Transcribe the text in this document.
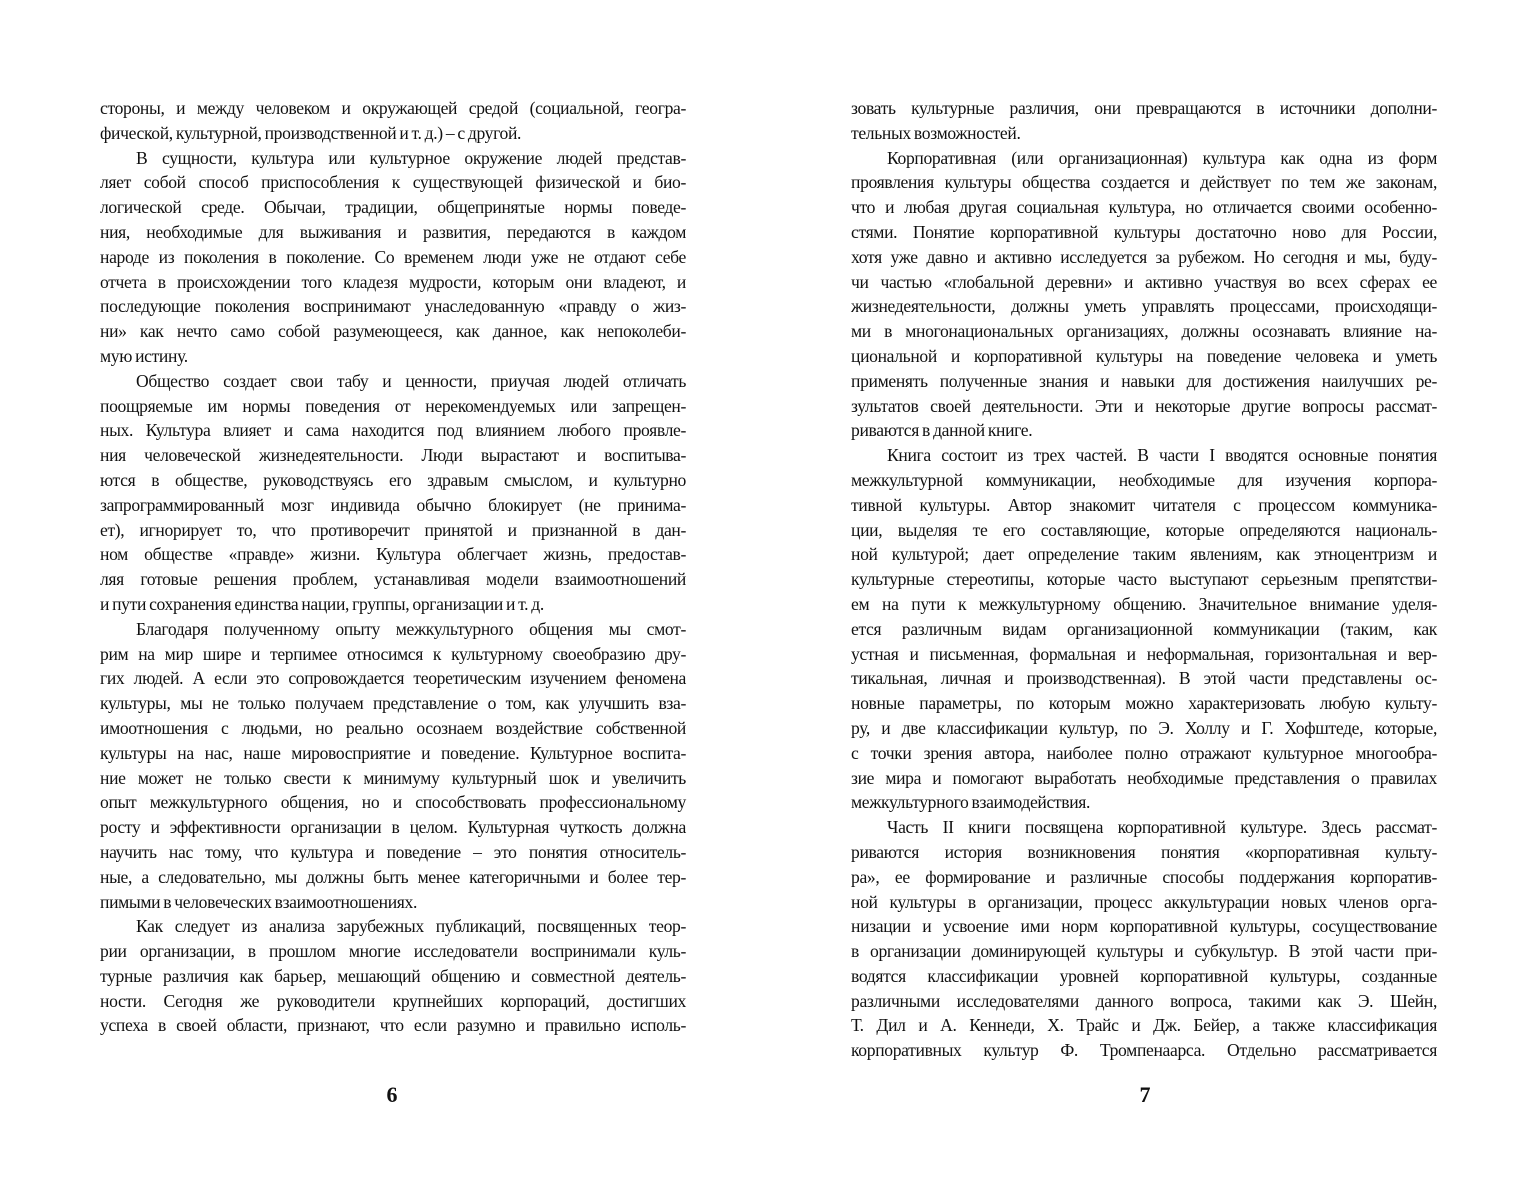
стороны, и между человеком и окружающей средой (социальной, геогра-
фической, культурной, производственной и т. д.) – с другой.
В сущности, культура или культурное окружение людей представ-
ляет собой способ приспособления к существующей физической и био-
логической среде. Обычаи, традиции, общепринятые нормы поведе-
ния, необходимые для выживания и развития, передаются в каждом
народе из поколения в поколение. Со временем люди уже не отдают себе
отчета в происхождении того кладезя мудрости, которым они владеют, и
последующие поколения воспринимают унаследованную «правду о жиз-
ни» как нечто само собой разумеющееся, как данное, как непоколеби-
мую истину.
Общество создает свои табу и ценности, приучая людей отличать
поощряемые им нормы поведения от нерекомендуемых или запрещен-
ных. Культура влияет и сама находится под влиянием любого проявле-
ния человеческой жизнедеятельности. Люди вырастают и воспитыва-
ются в обществе, руководствуясь его здравым смыслом, и культурно
запрограммированный мозг индивида обычно блокирует (не принима-
ет), игнорирует то, что противоречит принятой и признанной в дан-
ном обществе «правде» жизни. Культура облегчает жизнь, предостав-
ляя готовые решения проблем, устанавливая модели взаимоотношений
и пути сохранения единства нации, группы, организации и т. д.
Благодаря полученному опыту межкультурного общения мы смот-
рим на мир шире и терпимее относимся к культурному своеобразию дру-
гих людей. А если это сопровождается теоретическим изучением феномена
культуры, мы не только получаем представление о том, как улучшить вза-
имоотношения с людьми, но реально осознаем воздействие собственной
культуры на нас, наше мировосприятие и поведение. Культурное воспита-
ние может не только свести к минимуму культурный шок и увеличить
опыт межкультурного общения, но и способствовать профессиональному
росту и эффективности организации в целом. Культурная чуткость должна
научить нас тому, что культура и поведение – это понятия относитель-
ные, а следовательно, мы должны быть менее категоричными и более тер-
пимыми в человеческих взаимоотношениях.
Как следует из анализа зарубежных публикаций, посвященных теор-
рии организации, в прошлом многие исследователи воспринимали куль-
турные различия как барьер, мешающий общению и совместной деятель-
ности. Сегодня же руководители крупнейших корпораций, достигших
успеха в своей области, признают, что если разумно и правильно исполь-
зовать культурные различия, они превращаются в источники дополни-
тельных возможностей.
Корпоративная (или организационная) культура как одна из форм
проявления культуры общества создается и действует по тем же законам,
что и любая другая социальная культура, но отличается своими особенно-
стями. Понятие корпоративной культуры достаточно ново для России,
хотя уже давно и активно исследуется за рубежом. Но сегодня и мы, буду-
чи частью «глобальной деревни» и активно участвуя во всех сферах ее
жизнедеятельности, должны уметь управлять процессами, происходящи-
ми в многонациональных организациях, должны осознавать влияние на-
циональной и корпоративной культуры на поведение человека и уметь
применять полученные знания и навыки для достижения наилучших ре-
зультатов своей деятельности. Эти и некоторые другие вопросы рассмат-
риваются в данной книге.
Книга состоит из трех частей. В части I вводятся основные понятия
межкультурной коммуникации, необходимые для изучения корпора-
тивной культуры. Автор знакомит читателя с процессом коммуника-
ции, выделяя те его составляющие, которые определяются националь-
ной культурой; дает определение таким явлениям, как этноцентризм и
культурные стереотипы, которые часто выступают серьезным препятстви-
ем на пути к межкультурному общению. Значительное внимание уделя-
ется различным видам организационной коммуникации (таким, как
устная и письменная, формальная и неформальная, горизонтальная и вер-
тикальная, личная и производственная). В этой части представлены ос-
новные параметры, по которым можно характеризовать любую культу-
ру, и две классификации культур, по Э. Холлу и Г. Хофштеде, которые,
с точки зрения автора, наиболее полно отражают культурное многообра-
зие мира и помогают выработать необходимые представления о правилах
межкультурного взаимодействия.
Часть II книги посвящена корпоративной культуре. Здесь рассмат-
риваются история возникновения понятия «корпоративная культу-
ра», ее формирование и различные способы поддержания корпоратив-
ной культуры в организации, процесс аккультурации новых членов орга-
низации и усвоение ими норм корпоративной культуры, сосуществование
в организации доминирующей культуры и субкультур. В этой части при-
водятся классификации уровней корпоративной культуры, созданные
различными исследователями данного вопроса, такими как Э. Шейн,
Т. Дил и А. Кеннеди, Х. Трайс и Дж. Бейер, а также классификация
корпоративных культур Ф. Тромпенаарса. Отдельно рассматривается
6	7
